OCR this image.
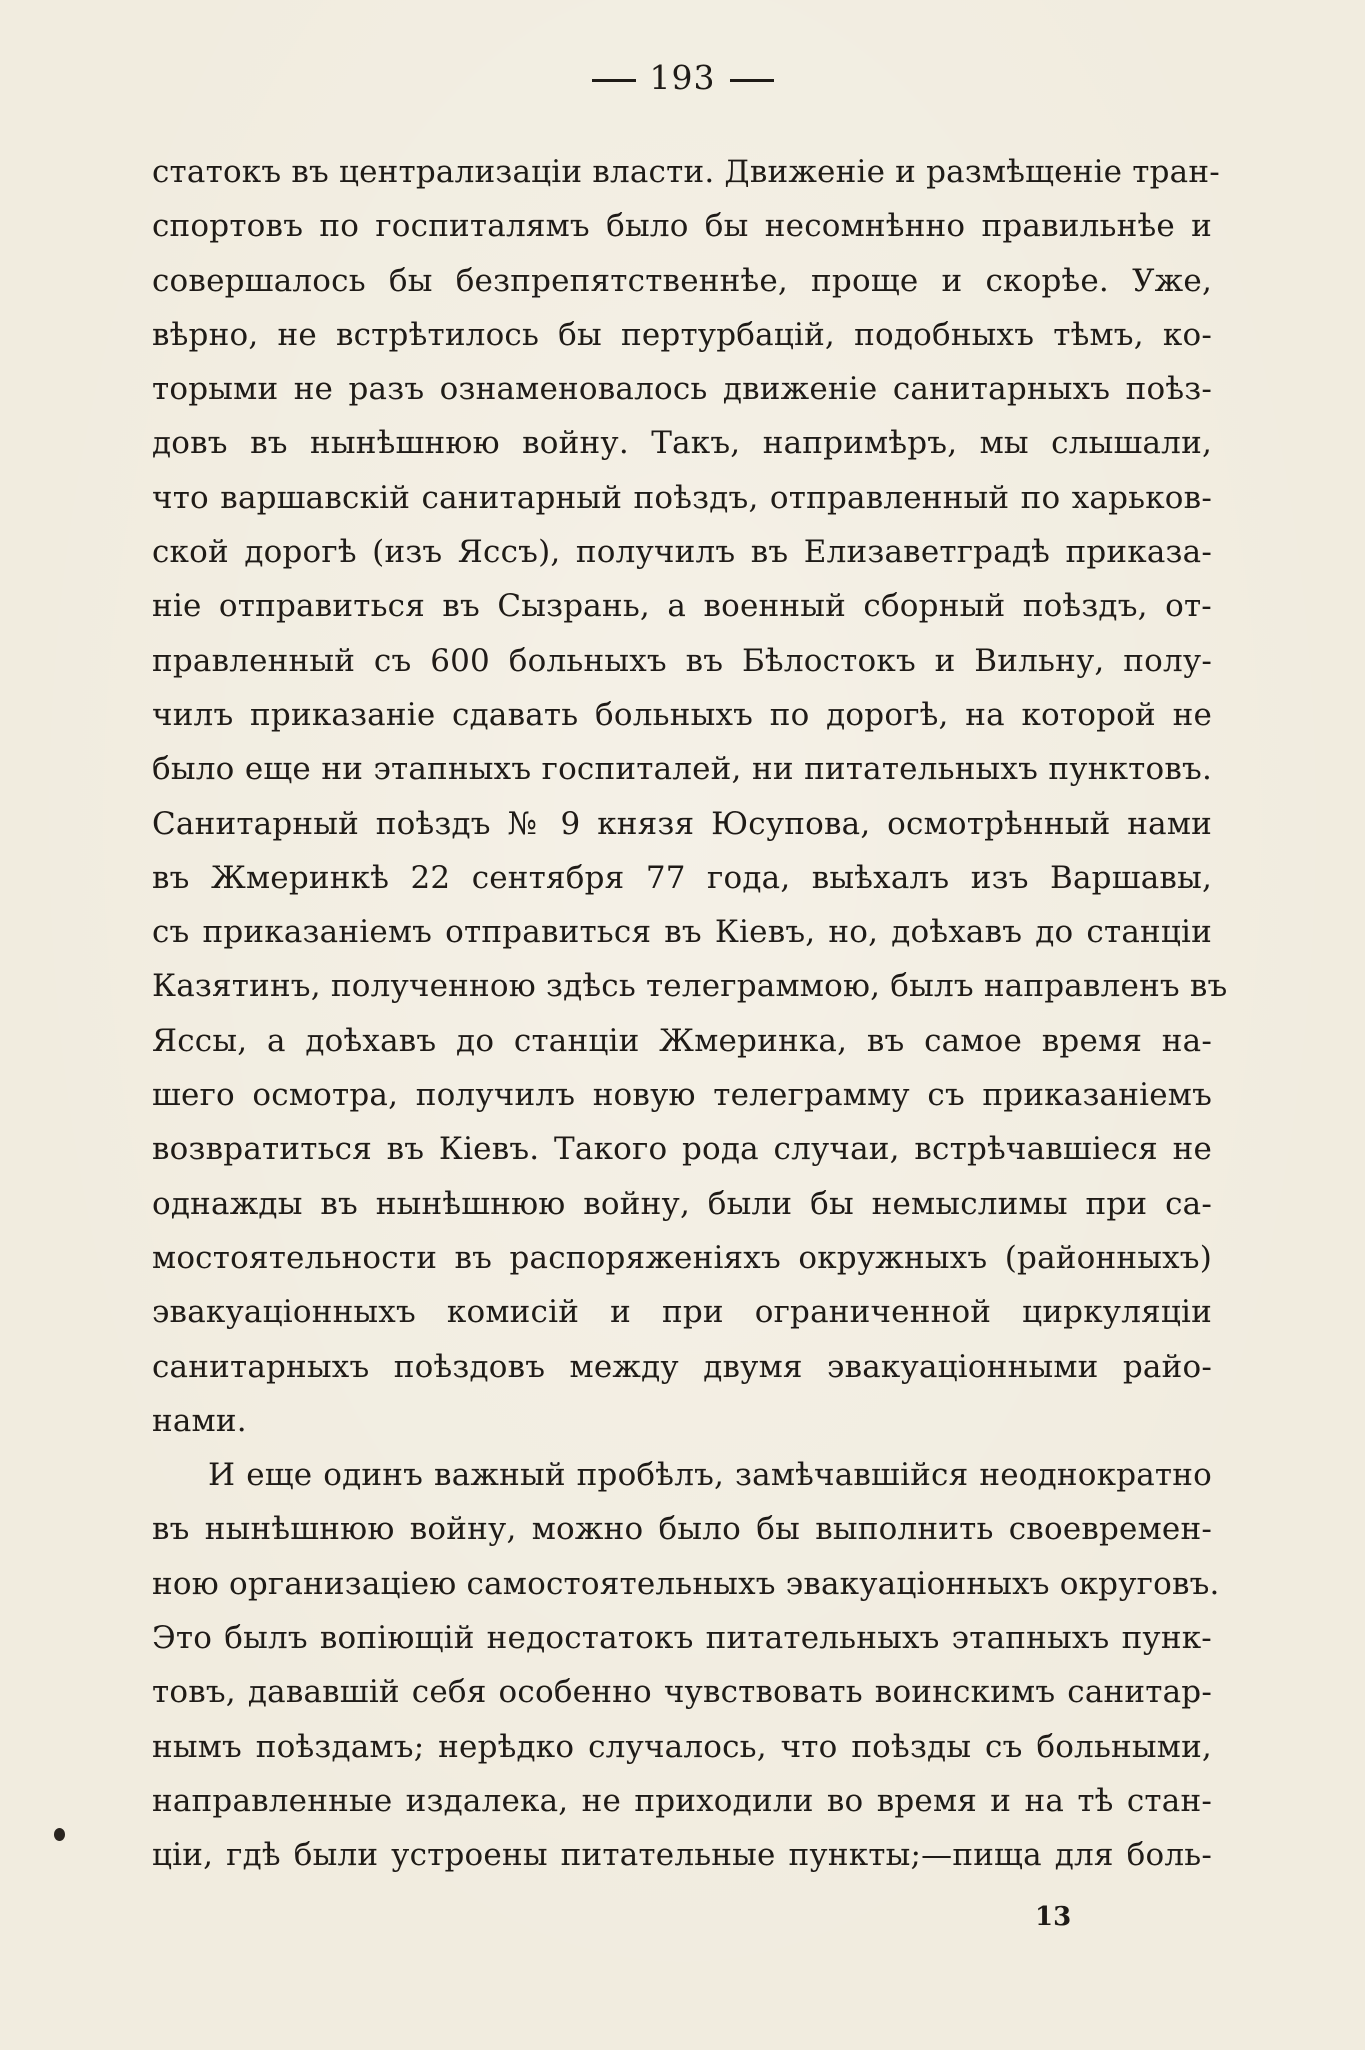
193
статокъ въ централизацiи власти. Движенiе и размѣщенiе тран-
спортовъ по госпиталямъ было бы несомнѣнно правильнѣе и
совершалось бы безпрепятственнѣе, проще и скорѣе. Уже,
вѣрно, не встрѣтилось бы пертурбацiй, подобныхъ тѣмъ, ко-
торыми не разъ ознаменовалось движенiе санитарныхъ поѣз-
довъ въ нынѣшнюю войну. Такъ, напримѣръ, мы слышали,
что варшавскiй санитарный поѣздъ, отправленный по харьков-
ской дорогѣ (изъ Яссъ), получилъ въ Елизаветградѣ приказа-
нiе отправиться въ Сызрань, а военный сборный поѣздъ, от-
правленный съ 600 больныхъ въ Бѣлостокъ и Вильну, полу-
чилъ приказанiе сдавать больныхъ по дорогѣ, на которой не
было еще ни этапныхъ госпиталей, ни питательныхъ пунктовъ.
Санитарный поѣздъ № 9 князя Юсупова, осмотрѣнный нами
въ Жмеринкѣ 22 сентября 77 года, выѣхалъ изъ Варшавы,
съ приказанiемъ отправиться въ Кiевъ, но, доѣхавъ до станцiи
Казятинъ, полученною здѣсь телеграммою, былъ направленъ въ
Яссы, а доѣхавъ до станцiи Жмеринка, въ самое время на-
шего осмотра, получилъ новую телеграмму съ приказанiемъ
возвратиться въ Кiевъ. Такого рода случаи, встрѣчавшiеся не
однажды въ нынѣшнюю войну, были бы немыслимы при са-
мостоятельности въ распоряженiяхъ окружныхъ (районныхъ)
эвакуацiонныхъ комисiй и при ограниченной циркуляцiи
санитарныхъ поѣздовъ между двумя эвакуацiонными райо-
нами.
И еще одинъ важный пробѣлъ, замѣчавшiйся неоднократно
въ нынѣшнюю войну, можно было бы выполнить своевремен-
ною организацiею самостоятельныхъ эвакуацiонныхъ округовъ.
Это былъ вопiющiй недостатокъ питательныхъ этапныхъ пунк-
товъ, дававшiй себя особенно чувствовать воинскимъ санитар-
нымъ поѣздамъ; нерѣдко случалось, что поѣзды съ больными,
направленные издалека, не приходили во время и на тѣ стан-
цiи, гдѣ были устроены питательные пункты;—пища для боль-
13
